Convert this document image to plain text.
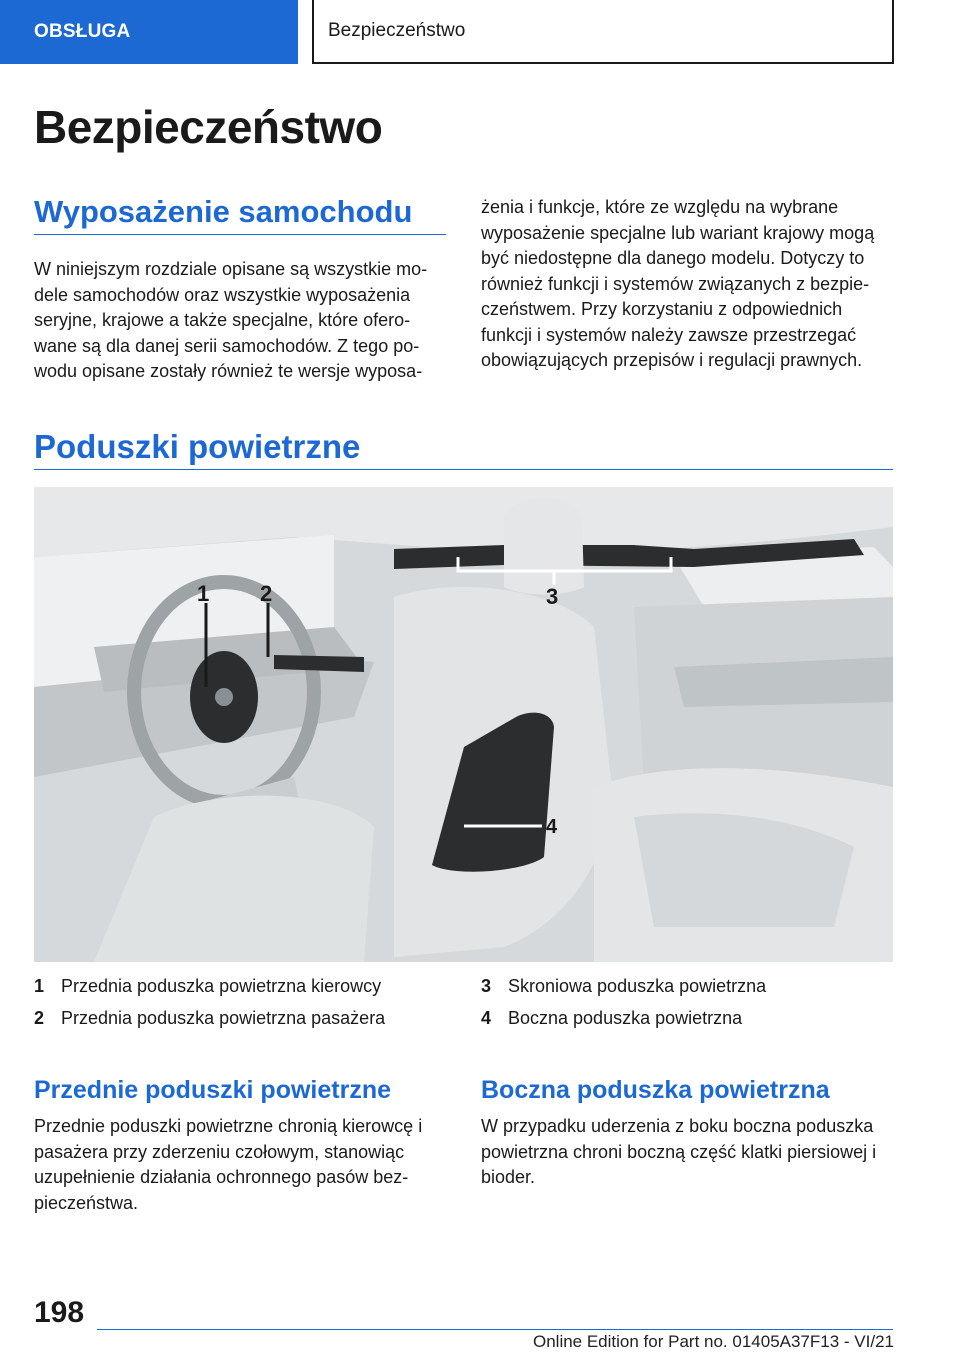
OBSŁUGA	Bezpieczeństwo
Bezpieczeństwo
Wyposażenie samochodu

W niniejszym rozdziale opisane są wszystkie mo-dele samochodów oraz wszystkie wyposażenia seryjne, krajowe a także specjalne, które ofero-wane są dla danej serii samochodów. Z tego po-wodu opisane zostały również te wersje wyposa-

żenia i funkcje, które ze względu na wybrane wyposażenie specjalne lub wariant krajowy mogą być niedostępne dla danego modelu. Dotyczy to również funkcji i systemów związanych z bezpie-czeństwem. Przy korzystaniu z odpowiednich funkcji i systemów należy zawsze przestrzegać obowiązujących przepisów i regulacji prawnych.

Poduszki powietrzne
1 2	3
4
1 Przednia poduszka powietrzna kierowcy
2 Przednia poduszka powietrzna pasażera
3 Skroniowa poduszka powietrzna
4 Boczna poduszka powietrzna
Przednie poduszki powietrzne

Przednie poduszki powietrzne chronią kierowcę i pasażera przy zderzeniu czołowym, stanowiąc uzupełnienie działania ochronnego pasów bez-pieczeństwa.

Boczna poduszka powietrzna

W przypadku uderzenia z boku boczna poduszka powietrzna chroni boczną część klatki piersiowej i bioder.

198
Online Edition for Part no. 01405A37F13 - VI/21
